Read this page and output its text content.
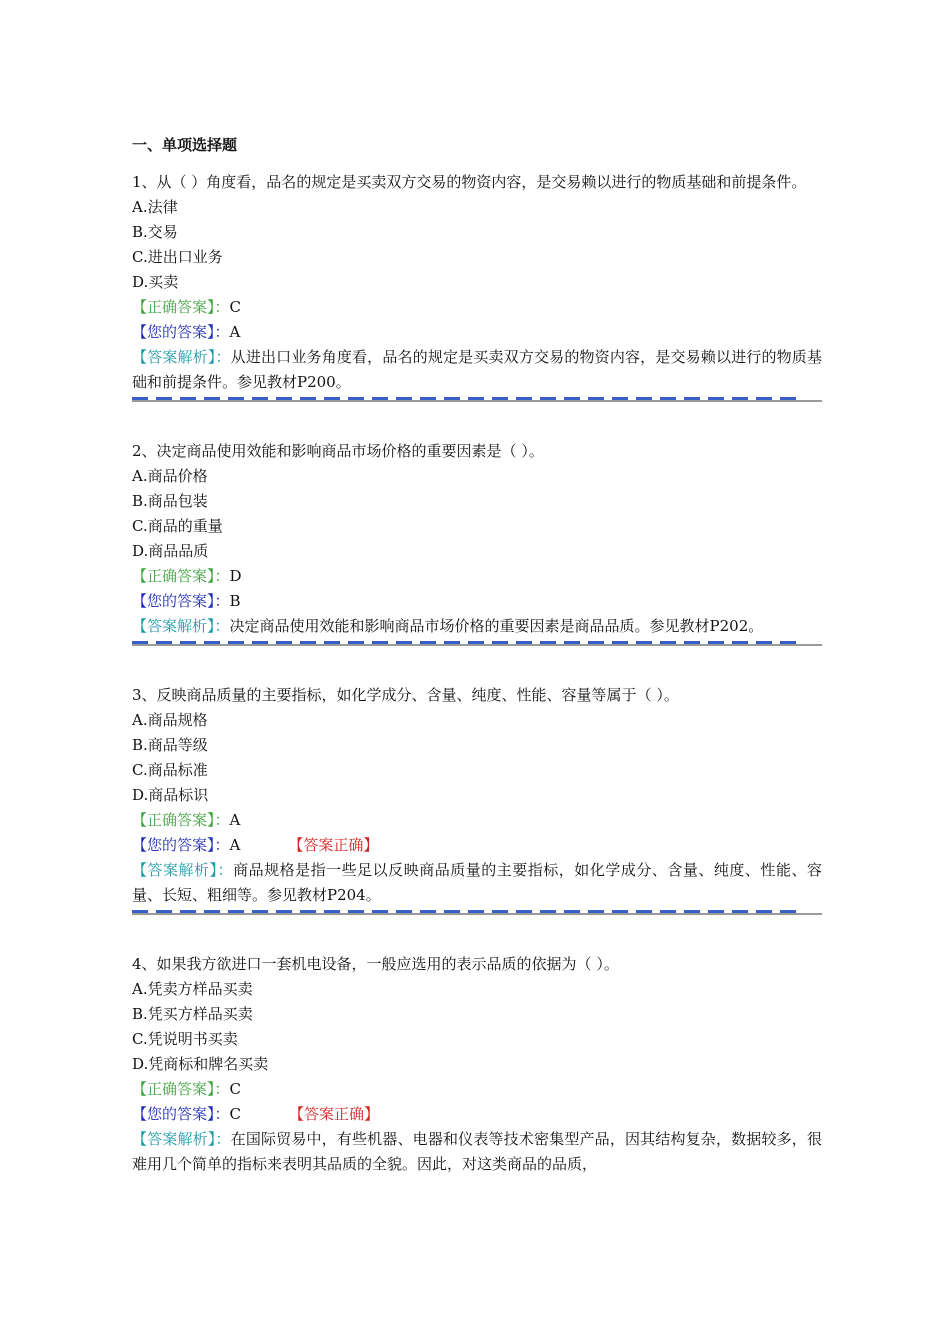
一、单项选择题

1、从（ ）角度看，品名的规定是买卖双方交易的物资内容，是交易赖以进行的物质基础和前提条件。

A.法律

B.交易

C.进出口业务

D.买卖

【正确答案】：C

【您的答案】：A

【答案解析】：从进出口业务角度看，品名的规定是买卖双方交易的物资内容，是交易赖以进行的物质基础和前提条件。参见教材P200。

2、决定商品使用效能和影响商品市场价格的重要因素是（ ）。

A.商品价格

B.商品包装

C.商品的重量

D.商品品质

【正确答案】：D

【您的答案】：B

【答案解析】：决定商品使用效能和影响商品市场价格的重要因素是商品品质。参见教材P202。

3、反映商品质量的主要指标，如化学成分、含量、纯度、性能、容量等属于（ ）。

A.商品规格

B.商品等级

C.商品标准

D.商品标识

【正确答案】：A

【您的答案】：A	【答案正确】

【答案解析】：商品规格是指一些足以反映商品质量的主要指标，如化学成分、含量、纯度、性能、容量、长短、粗细等。参见教材P204。

4、如果我方欲进口一套机电设备，一般应选用的表示品质的依据为（ ）。

A.凭卖方样品买卖

B.凭买方样品买卖

C.凭说明书买卖

D.凭商标和牌名买卖

【正确答案】：C

【您的答案】：C	【答案正确】

【答案解析】：在国际贸易中，有些机器、电器和仪表等技术密集型产品，因其结构复杂，数据较多，很难用几个简单的指标来表明其品质的全貌。因此，对这类商品的品质，
